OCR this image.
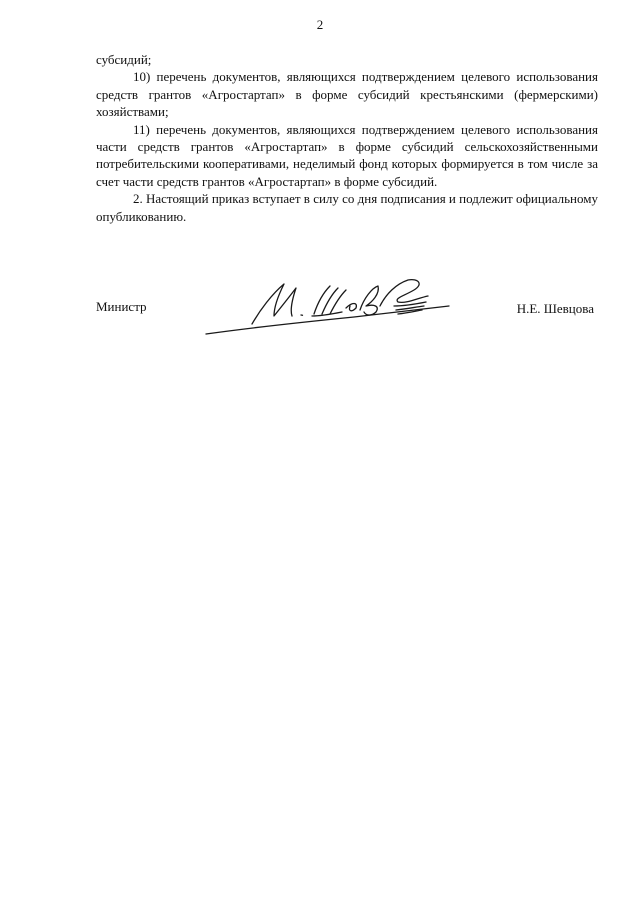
2

субсидий;

10) перечень документов, являющихся подтверждением целевого использования средств грантов «Агростартап» в форме субсидий крестьянскими (фермерскими) хозяйствами;

11) перечень документов, являющихся подтверждением целевого использования части средств грантов «Агростартап» в форме субсидий сельскохозяйственными потребительскими кооперативами, неделимый фонд которых формируется в том числе за счет части средств грантов «Агростартап» в форме субсидий.

2. Настоящий приказ вступает в силу со дня подписания и подлежит официальному опубликованию.

Министр	Н.Е. Шевцова
